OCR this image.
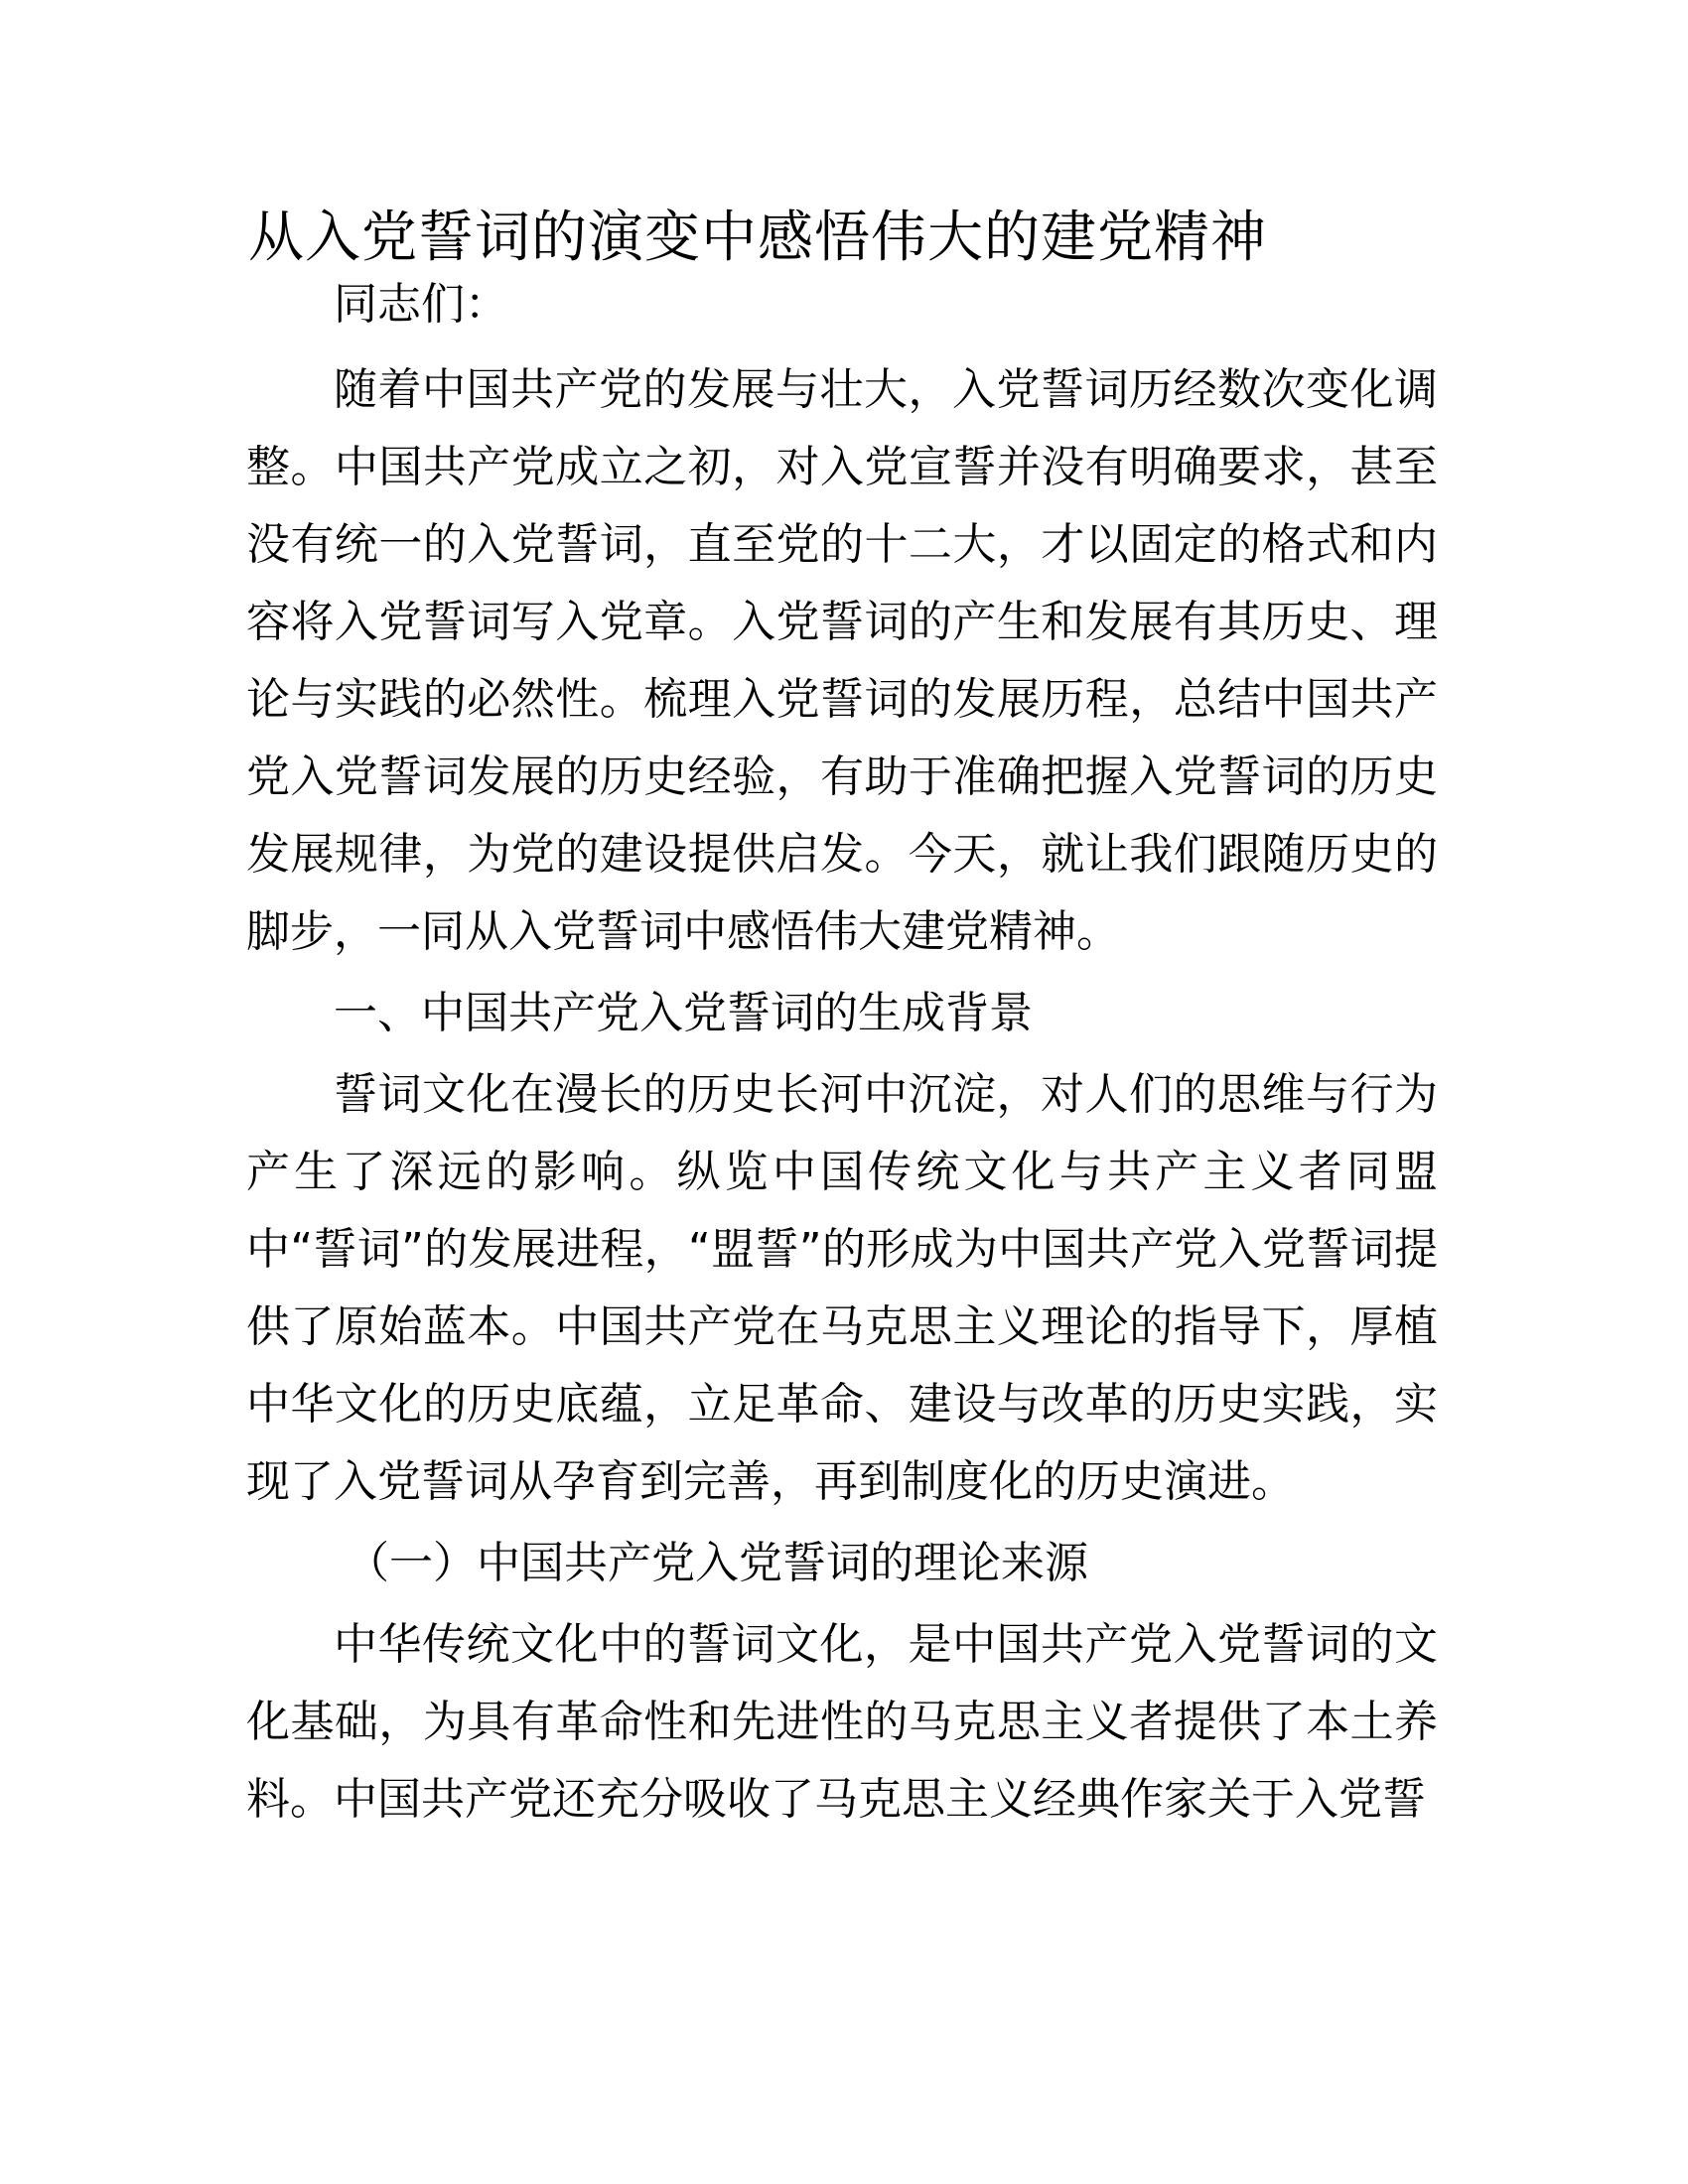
从入党誓词的演变中感悟伟大的建党精神

同志们：

随着中国共产党的发展与壮大，入党誓词历经数次变化调整。中国共产党成立之初，对入党宣誓并没有明确要求，甚至没有统一的入党誓词，直至党的十二大，才以固定的格式和内容将入党誓词写入党章。入党誓词的产生和发展有其历史、理论与实践的必然性。梳理入党誓词的发展历程，总结中国共产党入党誓词发展的历史经验，有助于准确把握入党誓词的历史发展规律，为党的建设提供启发。今天，就让我们跟随历史的脚步，一同从入党誓词中感悟伟大建党精神。

一、中国共产党入党誓词的生成背景

誓词文化在漫长的历史长河中沉淀，对人们的思维与行为产生了深远的影响。纵览中国传统文化与共产主义者同盟中“誓词”的发展进程，“盟誓”的形成为中国共产党入党誓词提供了原始蓝本。中国共产党在马克思主义理论的指导下，厚植中华文化的历史底蕴，立足革命、建设与改革的历史实践，实现了入党誓词从孕育到完善，再到制度化的历史演进。

（一）中国共产党入党誓词的理论来源

中华传统文化中的誓词文化，是中国共产党入党誓词的文化基础，为具有革命性和先进性的马克思主义者提供了本土养料。中国共产党还充分吸收了马克思主义经典作家关于入党誓
